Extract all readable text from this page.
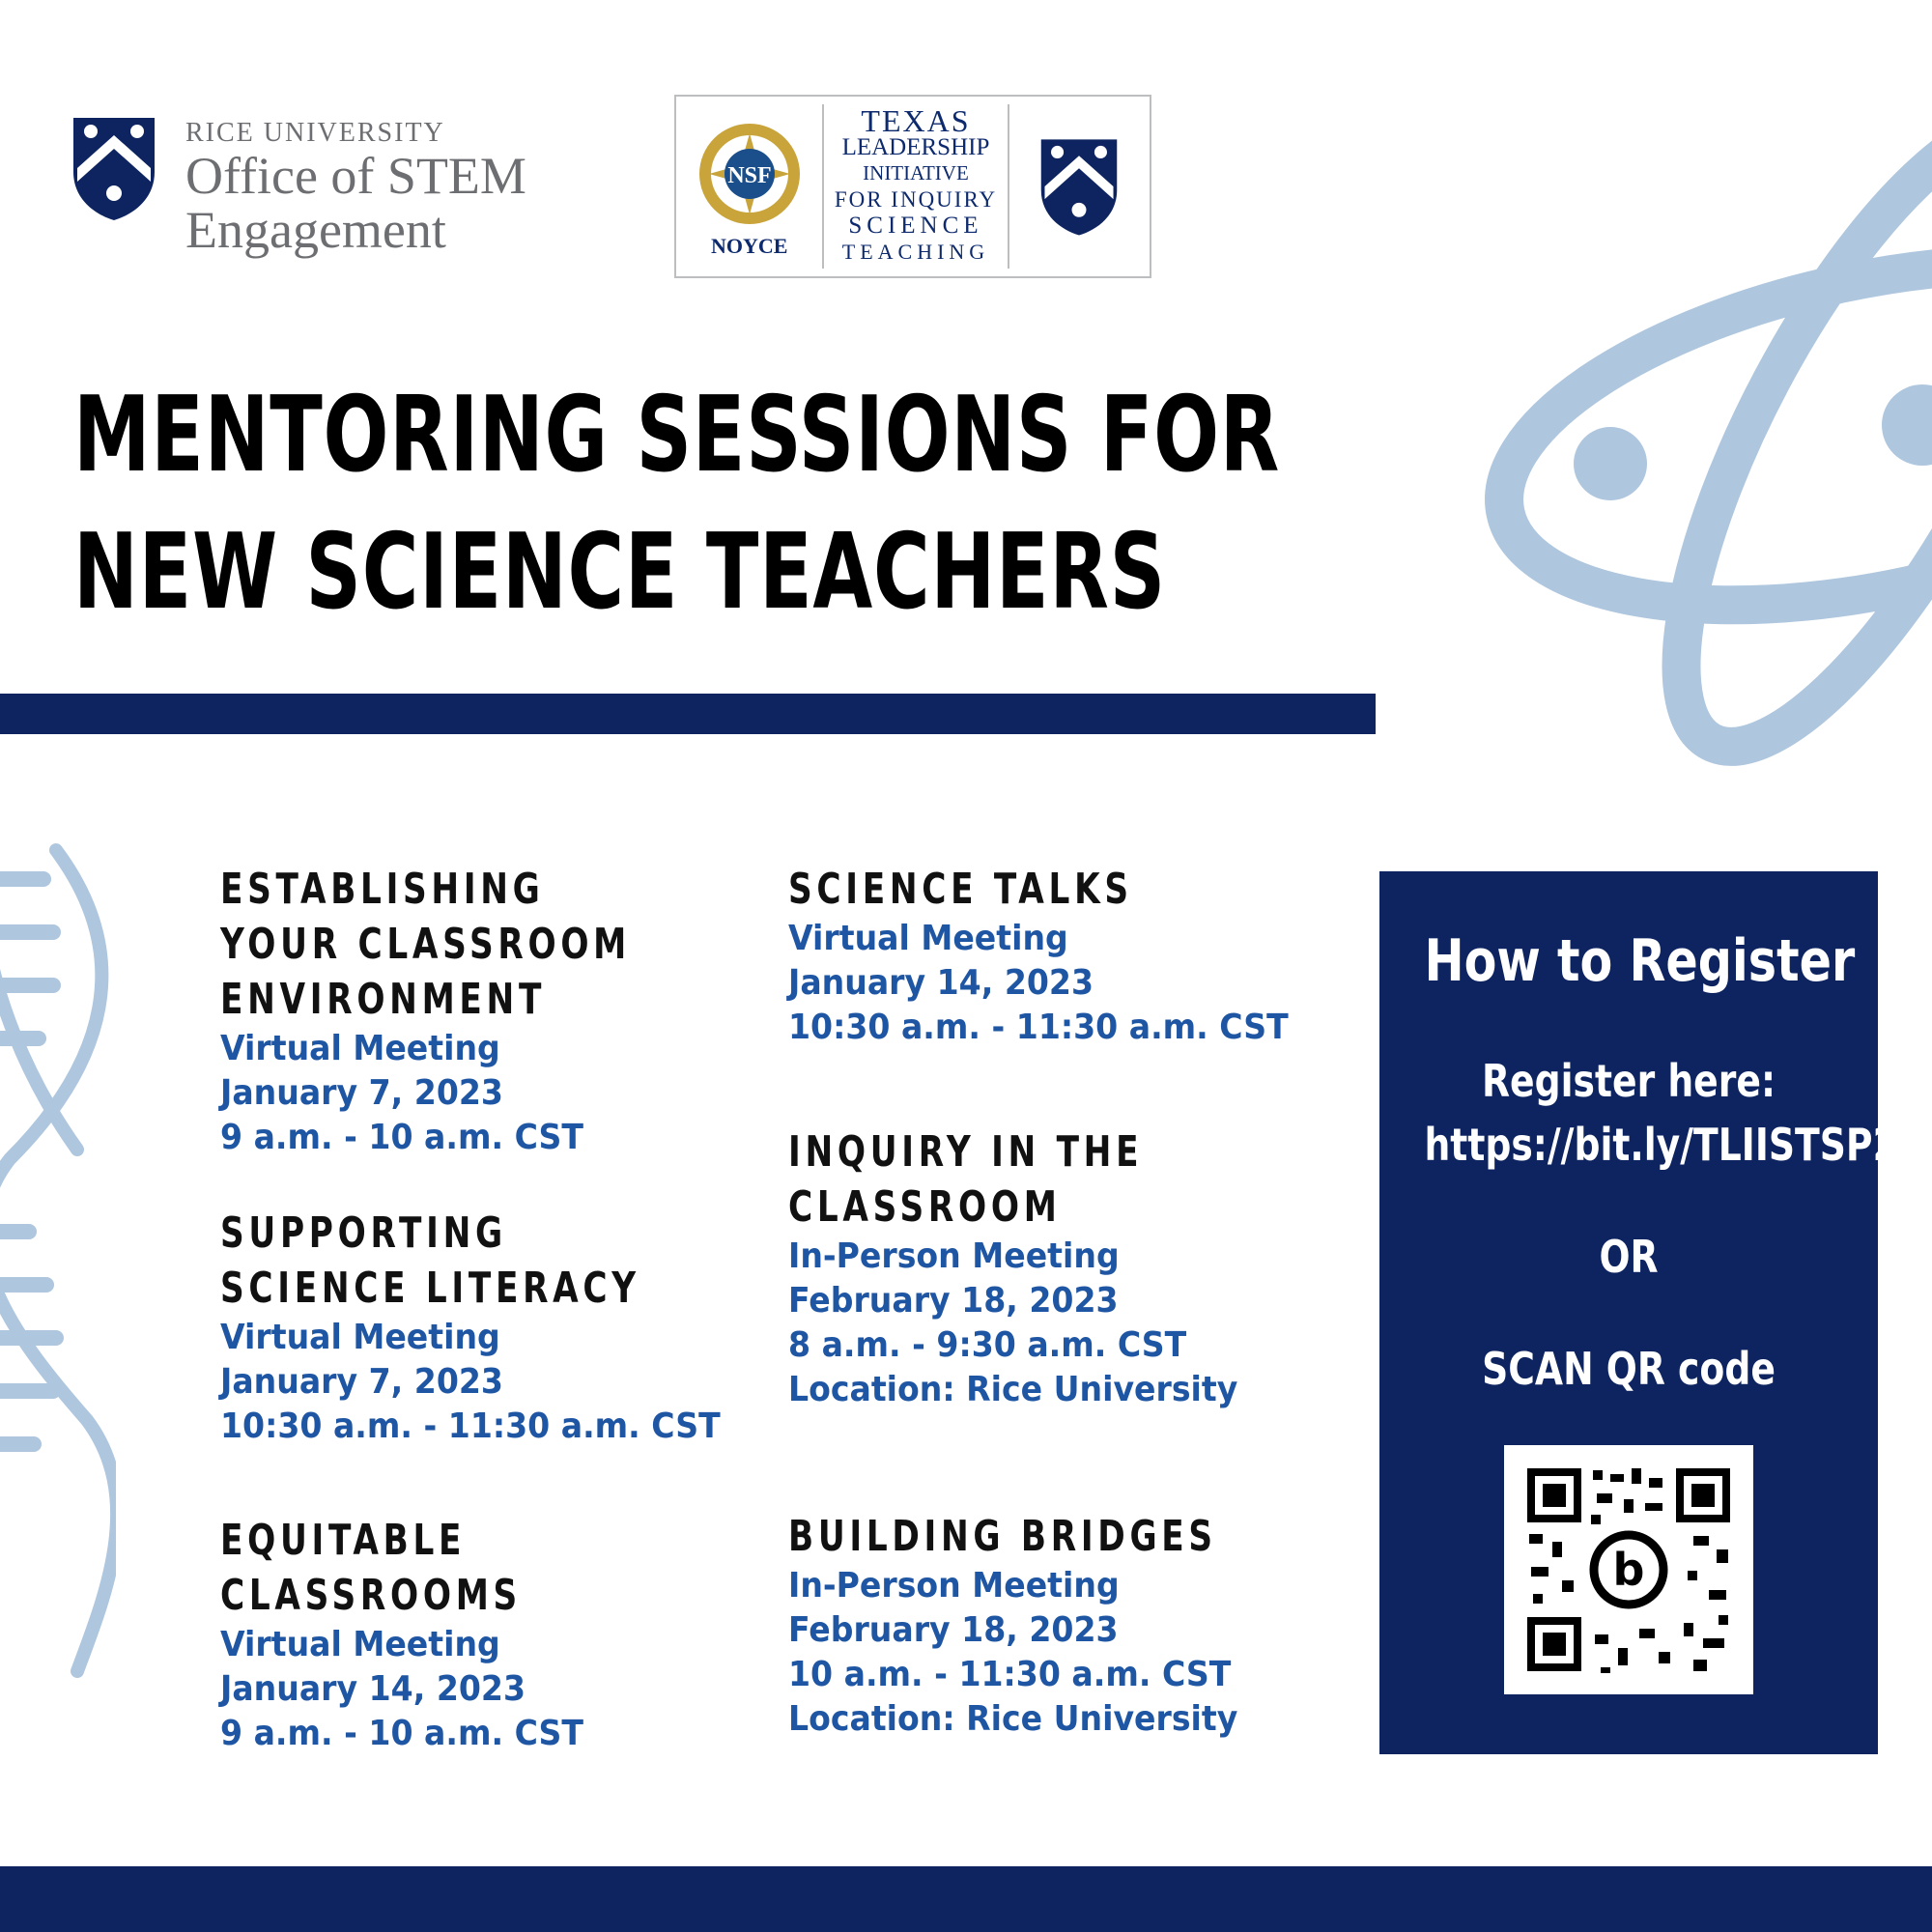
RICE UNIVERSITY
Office of STEM
Engagement
NSF
NOYCE
TEXAS
LEADERSHIP
INITIATIVE
FOR INQUIRY
SCIENCE
TEACHING
MENTORING SESSIONS FOR
NEW SCIENCE TEACHERS
ESTABLISHING
YOUR CLASSROOM
ENVIRONMENT
Virtual Meeting
January 7, 2023
9 a.m. - 10 a.m. CST
SUPPORTING
SCIENCE LITERACY
Virtual Meeting
January 7, 2023
10:30 a.m. - 11:30 a.m. CST
EQUITABLE
CLASSROOMS
Virtual Meeting
January 14, 2023
9 a.m. - 10 a.m. CST
SCIENCE TALKS
Virtual Meeting
January 14, 2023
10:30 a.m. - 11:30 a.m. CST
INQUIRY IN THE
CLASSROOM
In-Person Meeting
February 18, 2023
8 a.m. - 9:30 a.m. CST
Location: Rice University
BUILDING BRIDGES
In-Person Meeting
February 18, 2023
10 a.m. - 11:30 a.m. CST
Location: Rice University
How to Register
Register here:
https://bit.ly/TLIISTSP23
OR
SCAN QR code
b
